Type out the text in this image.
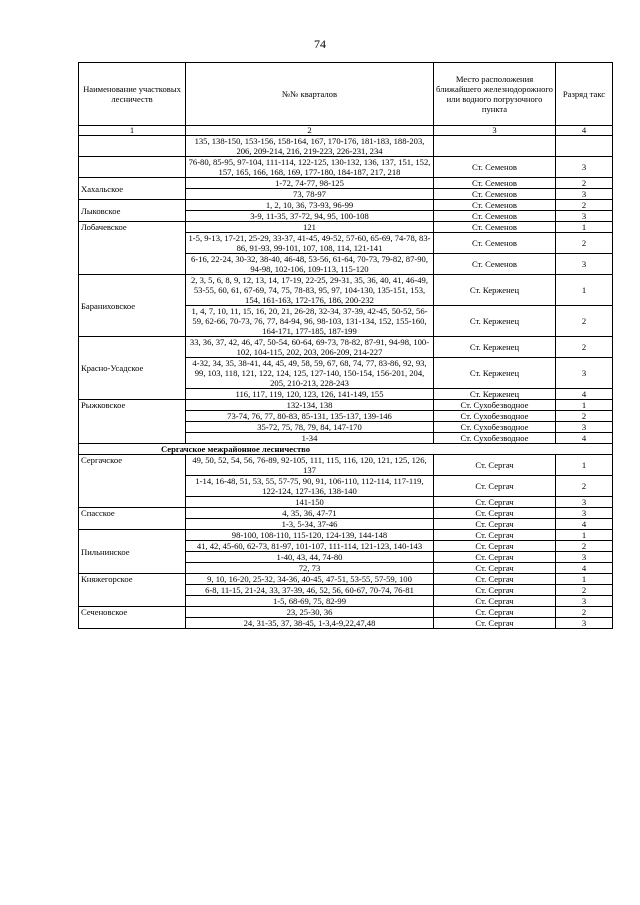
74
Наименование участковых лесничеств	№№ кварталов	Место расположения ближайшего железнодорожного или водного погрузочного пункта	Разряд такс
1	2	3	4
	135, 138-150, 153-156, 158-164, 167, 170-176, 181-183, 188-203, 206, 209-214, 216, 219-223, 226-231, 234		
	76-80, 85-95, 97-104, 111-114, 122-125, 130-132, 136, 137, 151, 152, 157, 165, 166, 168, 169, 177-180, 184-187, 217, 218	Ст. Семенов	3
Хахальское	1-72, 74-77, 98-125	Ст. Семенов	2
	73, 78-97	Ст. Семенов	3
Лыковское	1, 2, 10, 36, 73-93, 96-99	Ст. Семенов	2
	3-9, 11-35, 37-72, 94, 95, 100-108	Ст. Семенов	3
Лобачевское	121	Ст. Семенов	1
	1-5, 9-13, 17-21, 25-29, 33-37, 41-45, 49-52, 57-60, 65-69, 74-78, 83-86, 91-93, 99-101, 107, 108, 114, 121-141	Ст. Семенов	2
	6-16, 22-24, 30-32, 38-40, 46-48, 53-56, 61-64, 70-73, 79-82, 87-90, 94-98, 102-106, 109-113, 115-120	Ст. Семенов	3
Бараниховское	2, 3, 5, 6, 8, 9, 12, 13, 14, 17-19, 22-25, 29-31, 35, 36, 40, 41, 46-49, 53-55, 60, 61, 67-69, 74, 75, 78-83, 95, 97, 104-130, 135-151, 153, 154, 161-163, 172-176, 186, 200-232	Ст. Керженец	1
	1, 4, 7, 10, 11, 15, 16, 20, 21, 26-28, 32-34, 37-39, 42-45, 50-52, 56-59, 62-66, 70-73, 76, 77, 84-94, 96, 98-103, 131-134, 152, 155-160, 164-171, 177-185, 187-199	Ст. Керженец	2
Красно-Усадское	33, 36, 37, 42, 46, 47, 50-54, 60-64, 69-73, 78-82, 87-91, 94-98, 100-102, 104-115, 202, 203, 206-209, 214-227	Ст. Керженец	2
	4-32, 34, 35, 38-41, 44, 45, 49, 58, 59, 67, 68, 74, 77, 83-86, 92, 93, 99, 103, 118, 121, 122, 124, 125, 127-140, 150-154, 156-201, 204, 205, 210-213, 228-243	Ст. Керженец	3
	116, 117, 119, 120, 123, 126, 141-149, 155	Ст. Керженец	4
Рыжковское	132-134, 138	Ст. Сухобезводное	1
	73-74, 76, 77, 80-83, 85-131, 135-137, 139-146	Ст. Сухобезводное	2
	35-72, 75, 78, 79, 84, 147-170	Ст. Сухобезводное	3
	1-34	Ст. Сухобезводное	4
Сергачское межрайонное лесничество			
Сергачское	49, 50, 52, 54, 56, 76-89, 92-105, 111, 115, 116, 120, 121, 125, 126, 137	Ст. Сергач	1
	1-14, 16-48, 51, 53, 55, 57-75, 90, 91, 106-110, 112-114, 117-119, 122-124, 127-136, 138-140	Ст. Сергач	2
	141-150	Ст. Сергач	3
Спасское	4, 35, 36, 47-71	Ст. Сергач	3
	1-3, 5-34, 37-46	Ст. Сергач	4
Пильнинское	98-100, 108-110, 115-120, 124-139, 144-148	Ст. Сергач	1
	41, 42, 45-60, 62-73, 81-97, 101-107, 111-114, 121-123, 140-143	Ст. Сергач	2
	1-40, 43, 44, 74-80	Ст. Сергач	3
	72, 73	Ст. Сергач	4
Княжегорское	9, 10, 16-20, 25-32, 34-36, 40-45, 47-51, 53-55, 57-59, 100	Ст. Сергач	1
	6-8, 11-15, 21-24, 33, 37-39, 46, 52, 56, 60-67, 70-74, 76-81	Ст. Сергач	2
	1-5, 68-69, 75, 82-99	Ст. Сергач	3
Сеченовское	23, 25-30, 36	Ст. Сергач	2
	24, 31-35, 37, 38-45, 1-3,4-9,22,47,48	Ст. Сергач	3
